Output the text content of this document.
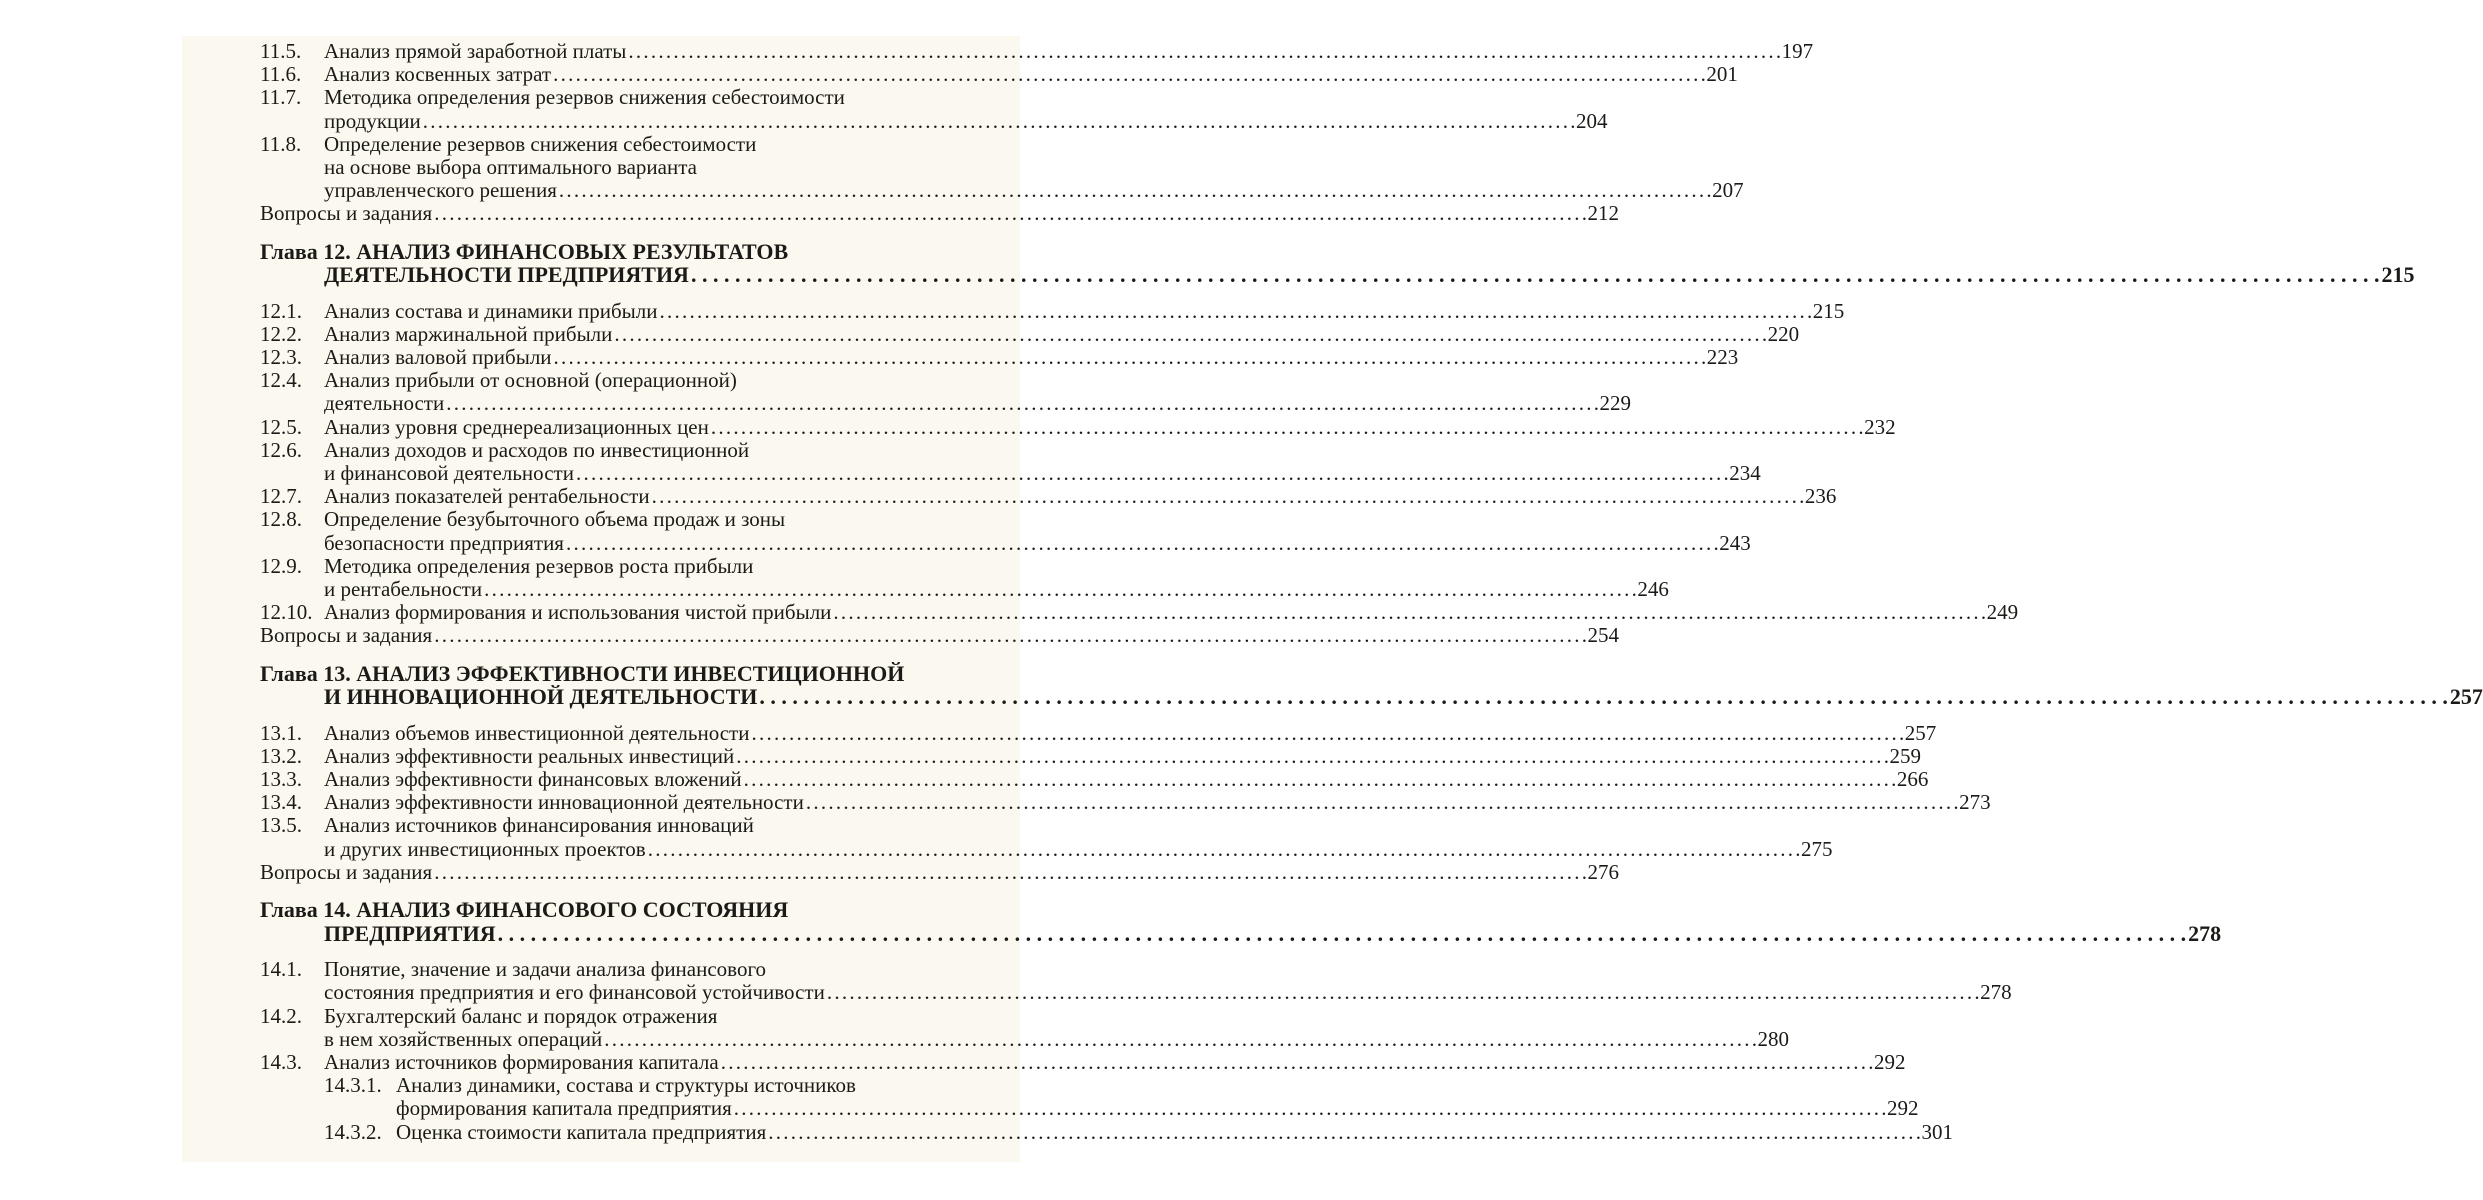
11.5.	Анализ прямой заработной платы . . .	197
11.6.	Анализ косвенных затрат . . .	201
11.7.	Методика определения резервов снижения себестоимости
продукции . . .	204
11.8.	Определение резервов снижения себестоимости
на основе выбора оптимального варианта
управленческого решения . . .	207
Вопросы и задания . . .	212
Глава 12.
АНАЛИЗ ФИНАНСОВЫХ РЕЗУЛЬТАТОВ
ДЕЯТЕЛЬНОСТИ ПРЕДПРИЯТИЯ . . .	215
12.1.	Анализ состава и динамики прибыли . . .	215
12.2.	Анализ маржинальной прибыли . . .	220
12.3.	Анализ валовой прибыли . . .	223
12.4.	Анализ прибыли от основной (операционной)
деятельности . . .	229
12.5.	Анализ уровня среднереализационных цен . . .	232
12.6.	Анализ доходов и расходов по инвестиционной
и финансовой деятельности . . .	234
12.7.	Анализ показателей рентабельности . . .	236
12.8.	Определение безубыточного объема продаж и зоны
безопасности предприятия . . .	243
12.9.	Методика определения резервов роста прибыли
и рентабельности . . .	246
12.10. Анализ формирования и использования чистой прибыли . . .	249
Вопросы и задания . . .	254
Глава 13.
АНАЛИЗ ЭФФЕКТИВНОСТИ ИНВЕСТИЦИОННОЙ
И ИННОВАЦИОННОЙ ДЕЯТЕЛЬНОСТИ . . .	257
13.1.	Анализ объемов инвестиционной деятельности . . .	257
13.2.	Анализ эффективности реальных инвестиций . . .	259
13.3.	Анализ эффективности финансовых вложений . . .	266
13.4.	Анализ эффективности инновационной деятельности . . .	273
13.5.	Анализ источников финансирования инноваций
и других инвестиционных проектов . . .	275
Вопросы и задания . . .	276
Глава 14.
АНАЛИЗ ФИНАНСОВОГО СОСТОЯНИЯ
ПРЕДПРИЯТИЯ . . .	278
14.1.	Понятие, значение и задачи анализа финансового
состояния предприятия и его финансовой устойчивости . . .	278
14.2.	Бухгалтерский баланс и порядок отражения
в нем хозяйственных операций . . .	280
14.3.	Анализ источников формирования капитала . . .	292
14.3.1. Анализ динамики, состава и структуры источников
формирования капитала предприятия . . .	292
14.3.2. Оценка стоимости капитала предприятия . . .	301
